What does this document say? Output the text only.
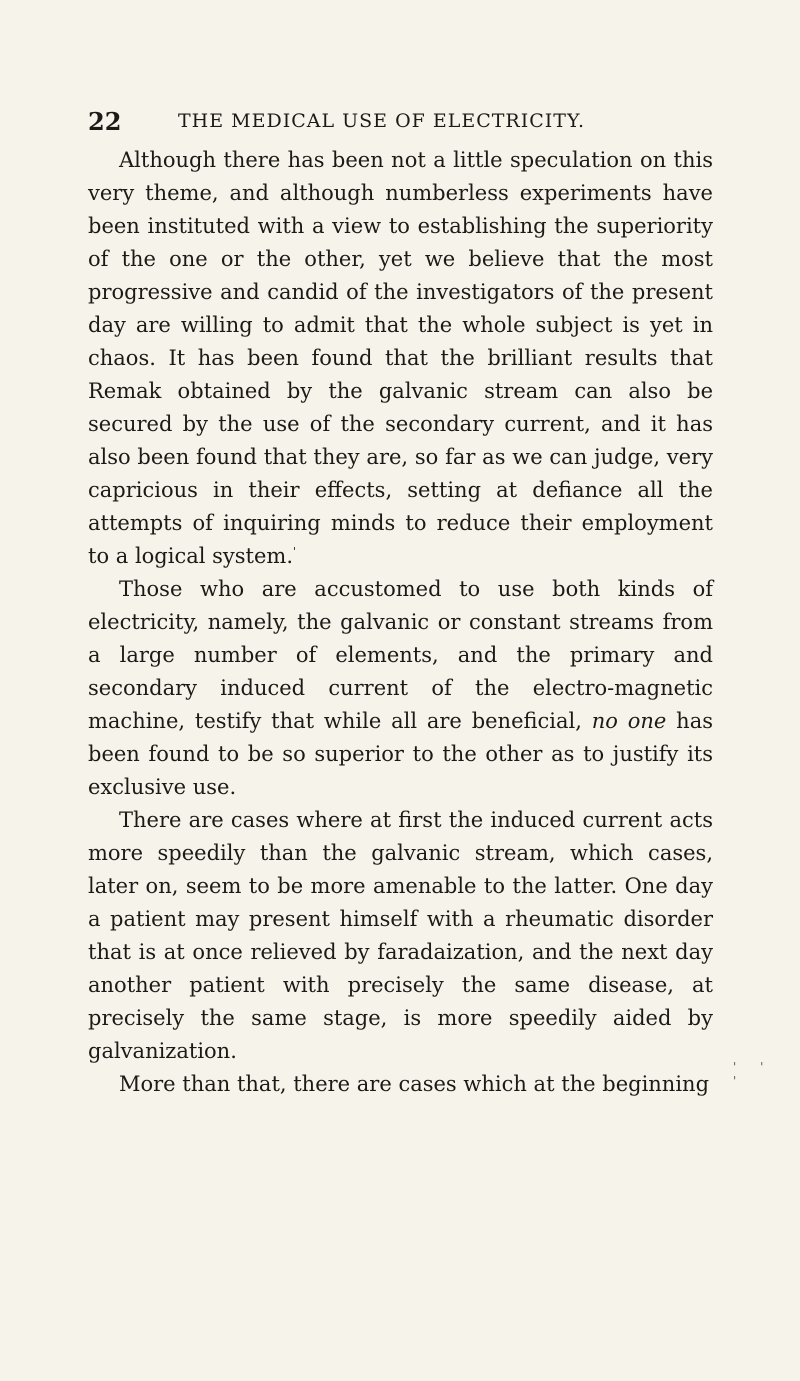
22	THE MEDICAL USE OF ELECTRICITY.

Although there has been not a little speculation on this very theme, and although numberless experiments have been instituted with a view to establishing the superiority of the one or the other, yet we believe that the most progressive and candid of the investigators of the present day are willing to admit that the whole subject is yet in chaos. It has been found that the brilliant results that Remak obtained by the galvanic stream can also be secured by the use of the secondary current, and it has also been found that they are, so far as we can judge, very capricious in their effects, setting at defiance all the attempts of inquiring minds to reduce their employment to a logical system.'

Those who are accustomed to use both kinds of electricity, namely, the galvanic or constant streams from a large number of elements, and the primary and secondary induced current of the electro-magnetic machine, testify that while all are beneficial, no one has been found to be so superior to the other as to justify its exclusive use.

There are cases where at first the induced current acts more speedily than the galvanic stream, which cases, later on, seem to be more amenable to the latter. One day a patient may present himself with a rheumatic disorder that is at once relieved by faradaization, and the next day another patient with precisely the same disease, at precisely the same stage, is more speedily aided by galvanization.

More than that, there are cases which at the beginning

' ' '
